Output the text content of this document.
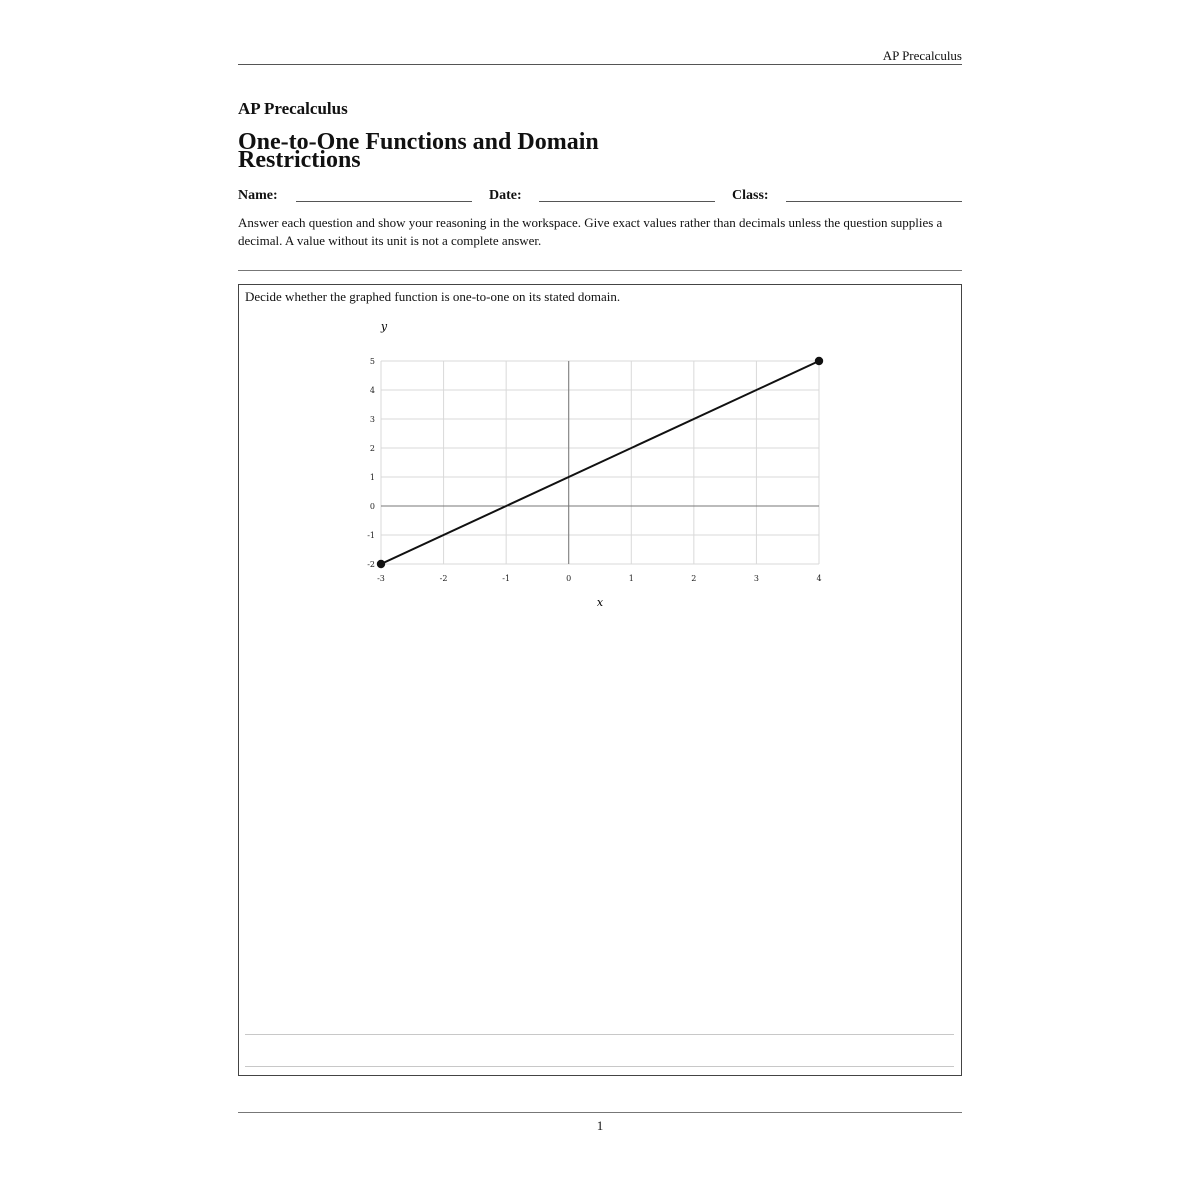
AP Precalculus
AP Precalculus
One-to-One Functions and Domain Restrictions
Name:	Date:	Class:
Answer each question and show your reasoning in the workspace. Give exact values rather than decimals unless the question supplies a decimal. A value without its unit is not a complete answer.
Decide whether the graphed function is one-to-one on its stated domain.
-3	-2	-1	0	1	2	3	4
-2
-1
0
1
2
3
4
5
x
y
1
